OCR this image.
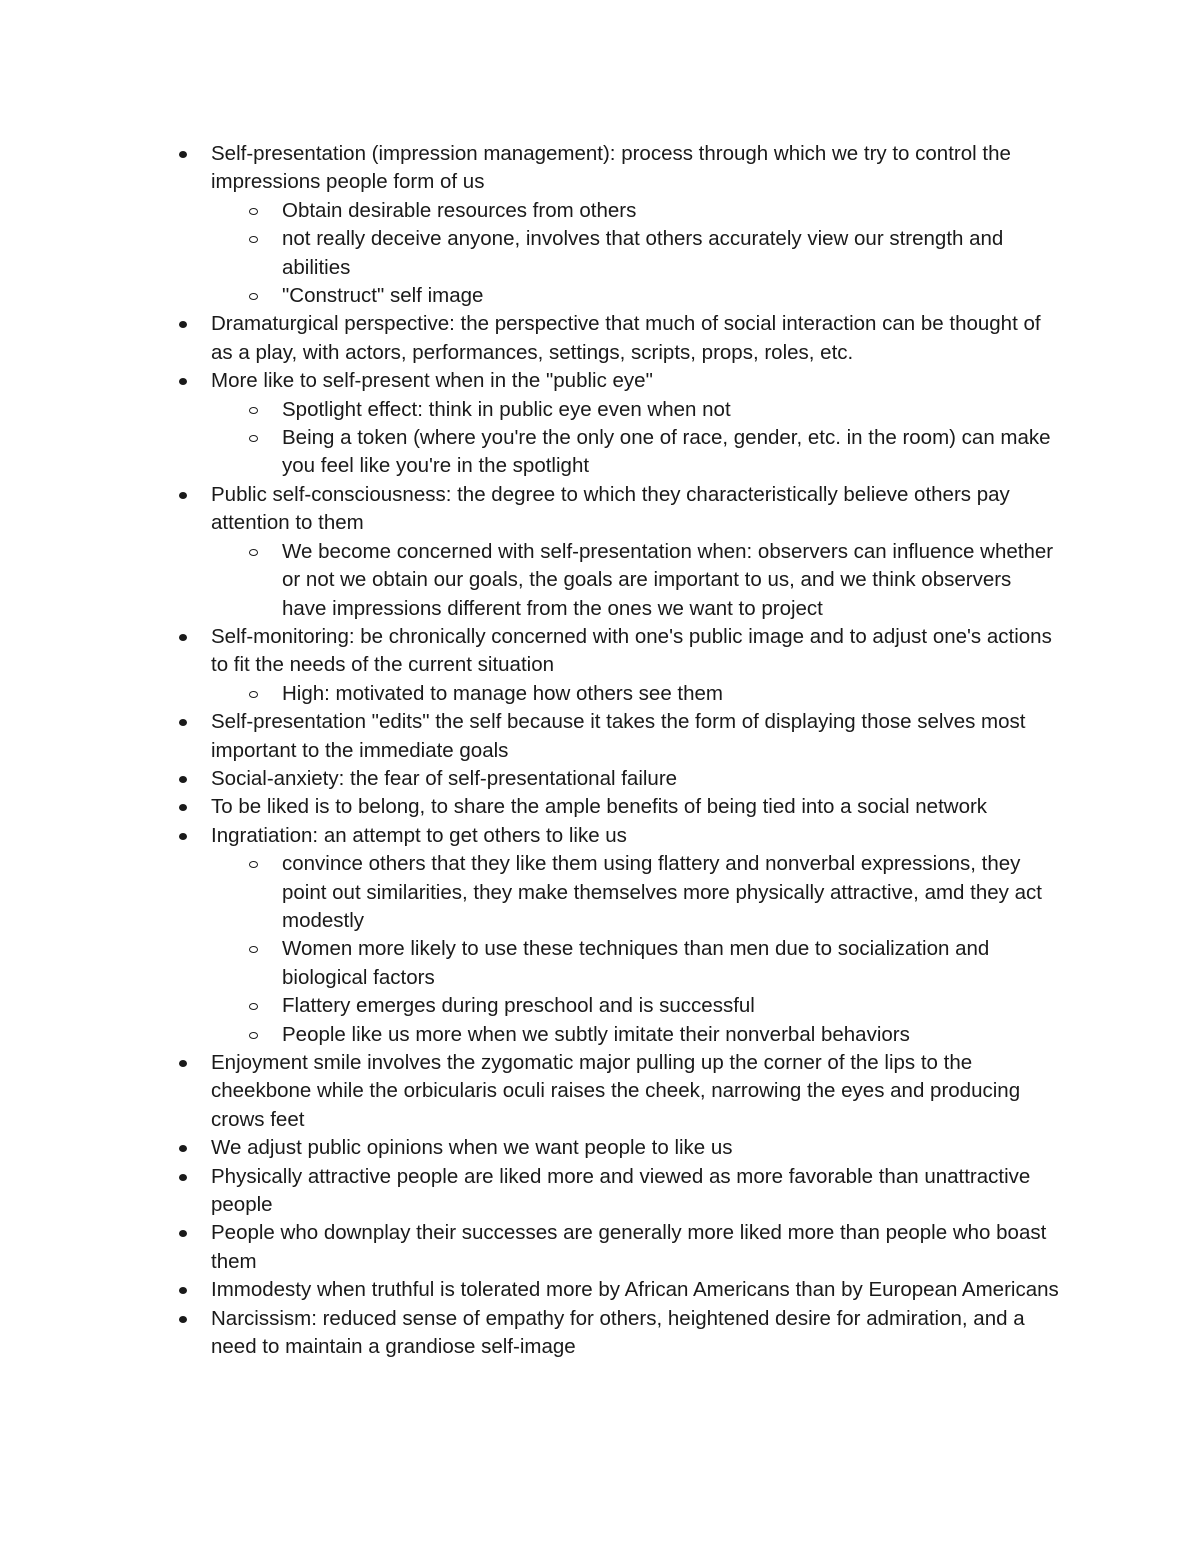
Self-presentation (impression management): process through which we try to control the impressions people form of us
Obtain desirable resources from others
not really deceive anyone, involves that others accurately view our strength and abilities
"Construct" self image
Dramaturgical perspective: the perspective that much of social interaction can be thought of as a play, with actors, performances, settings, scripts, props, roles, etc.
More like to self-present when in the "public eye"
Spotlight effect: think in public eye even when not
Being a token (where you're the only one of race, gender, etc. in the room) can make you feel like you're in the spotlight
Public self-consciousness: the degree to which they characteristically believe others pay attention to them
We become concerned with self-presentation when: observers can influence whether or not we obtain our goals, the goals are important to us, and we think observers have impressions different from the ones we want to project
Self-monitoring: be chronically concerned with one's public image and to adjust one's actions to fit the needs of the current situation
High: motivated to manage how others see them
Self-presentation "edits" the self because it takes the form of displaying those selves most important to the immediate goals
Social-anxiety: the fear of self-presentational failure
To be liked is to belong, to share the ample benefits of being tied into a social network
Ingratiation: an attempt to get others to like us
convince others that they like them using flattery and nonverbal expressions, they point out similarities, they make themselves more physically attractive, amd they act modestly
Women more likely to use these techniques than men due to socialization and biological factors
Flattery emerges during preschool and is successful
People like us more when we subtly imitate their nonverbal behaviors
Enjoyment smile involves the zygomatic major pulling up the corner of the lips to the cheekbone while the orbicularis oculi raises the cheek, narrowing the eyes and producing crows feet
We adjust public opinions when we want people to like us
Physically attractive people are liked more and viewed as more favorable than unattractive people
People who downplay their successes are generally more liked more than people who boast them
Immodesty when truthful is tolerated more by African Americans than by European Americans
Narcissism: reduced sense of empathy for others, heightened desire for admiration, and a need to maintain a grandiose self-image
